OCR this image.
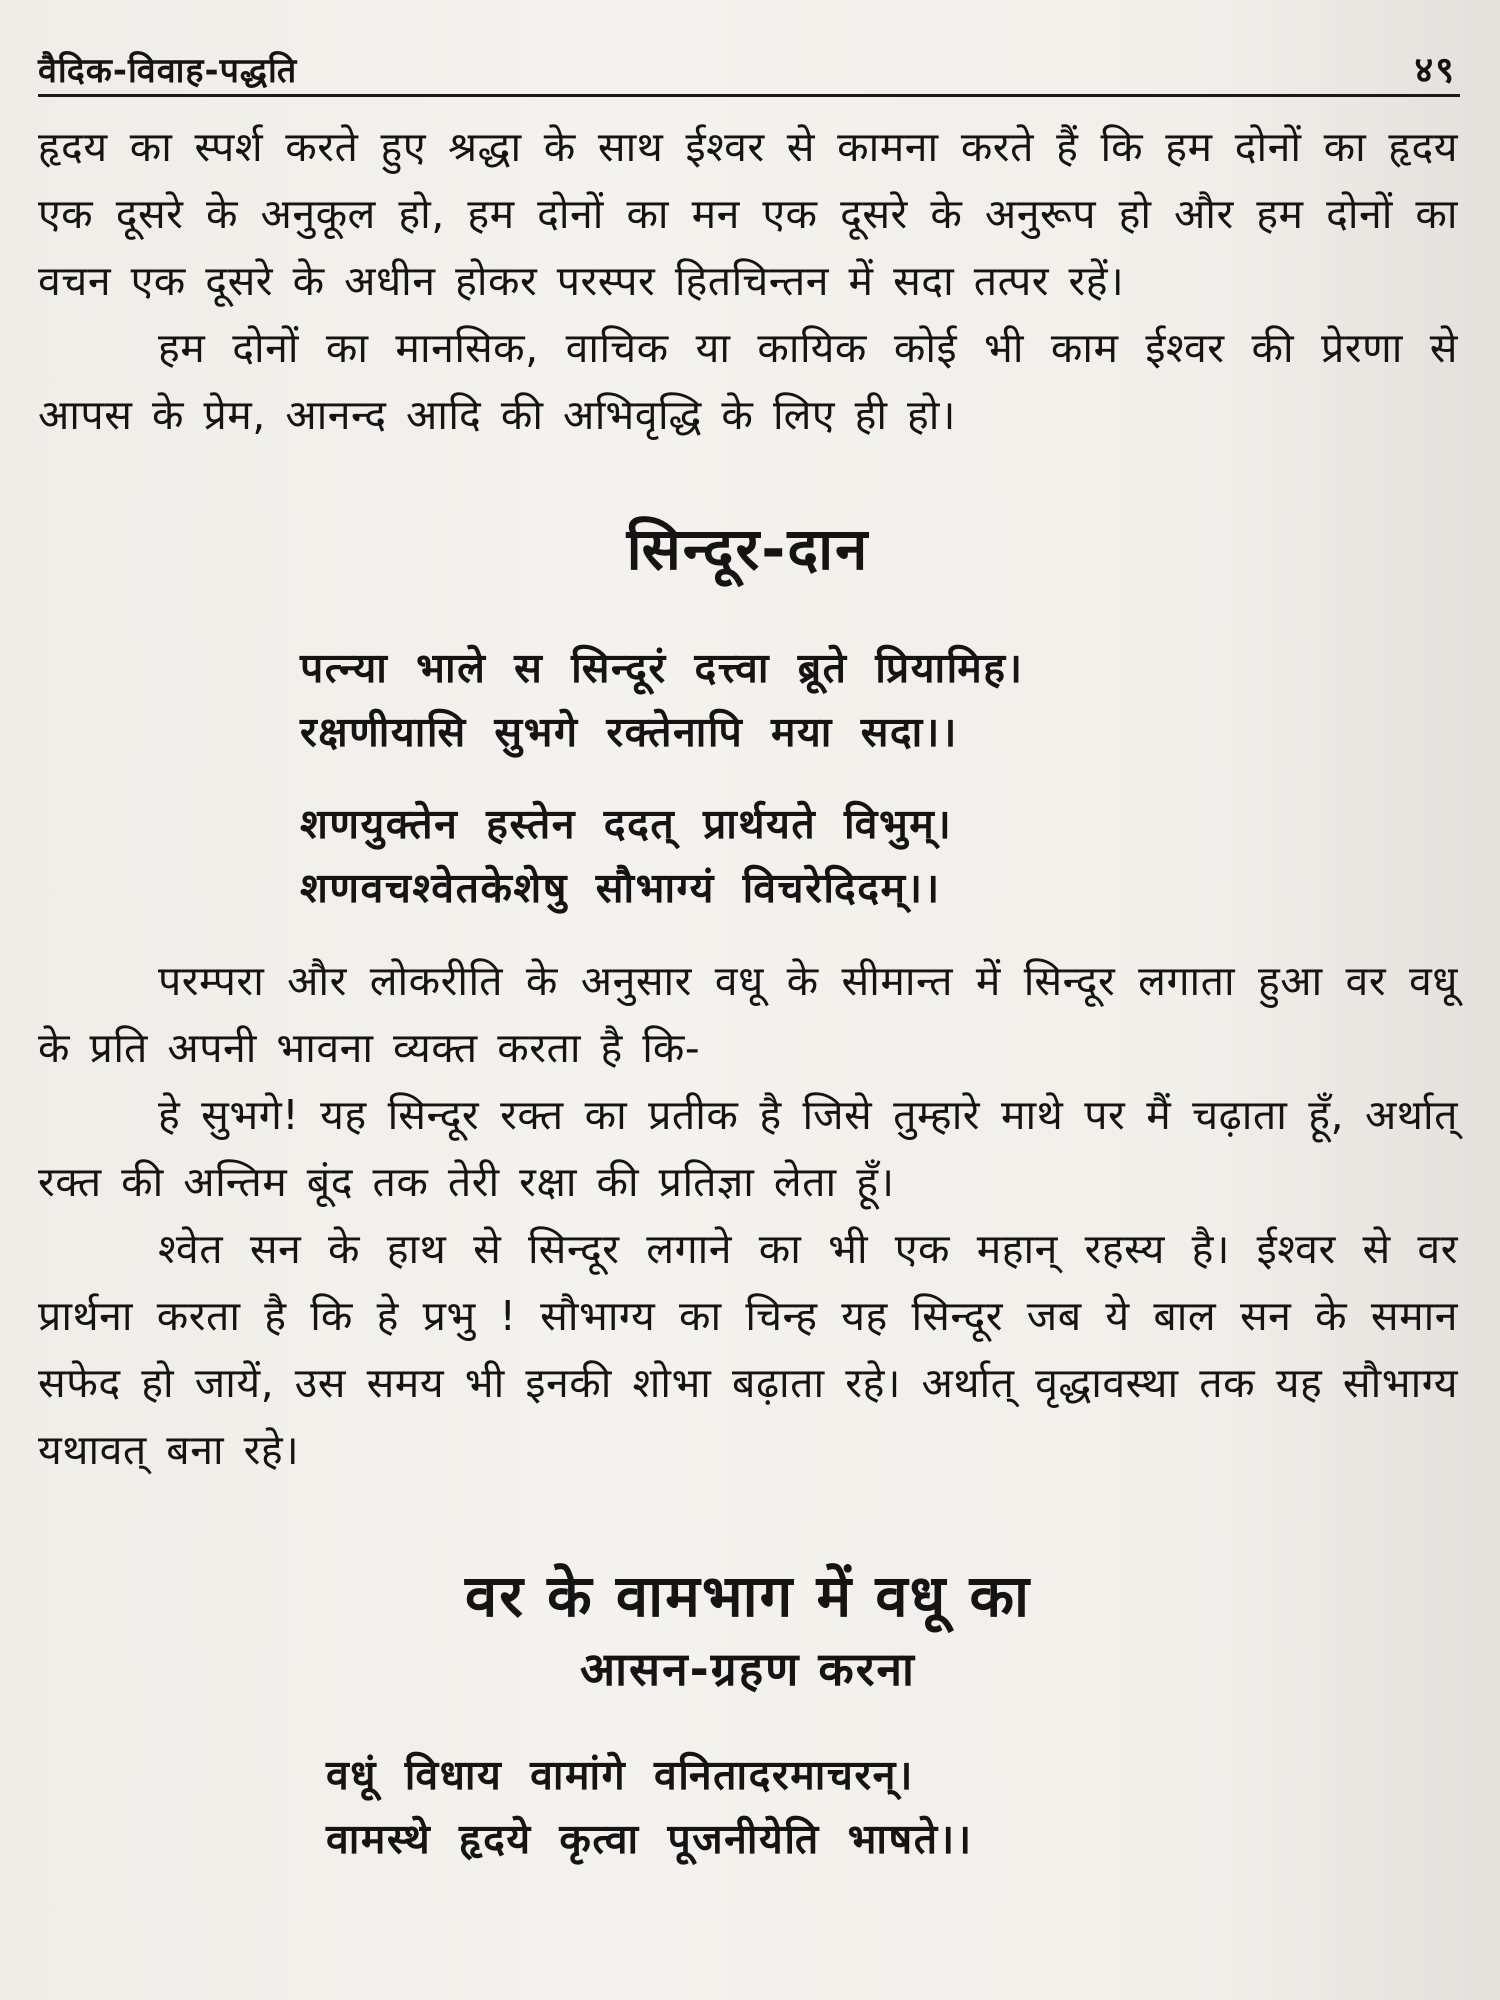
वैदिक-विवाह-पद्धति	४९

हृदय का स्पर्श करते हुए श्रद्धा के साथ ईश्वर से कामना करते हैं कि हम दोनों का हृदय एक दूसरे के अनुकूल हो, हम दोनों का मन एक दूसरे के अनुरूप हो और हम दोनों का वचन एक दूसरे के अधीन होकर परस्पर हितचिन्तन में सदा तत्पर रहें।

हम दोनों का मानसिक, वाचिक या कायिक कोई भी काम ईश्वर की प्रेरणा से आपस के प्रेम, आनन्द आदि की अभिवृद्धि के लिए ही हो।

सिन्दूर-दान
पत्न्या भाले स सिन्दूरं दत्त्वा ब्रूते प्रियामिह।
रक्षणीयासि सुभगे रक्तेनापि मया सदा।।
शणयुक्तेन हस्तेन ददत् प्रार्थयते विभुम्।
शणवचश्वेतकेशेषु सौभाग्यं विचरेदिदम्।।

परम्परा और लोकरीति के अनुसार वधू के सीमान्त में सिन्दूर लगाता हुआ वर वधू के प्रति अपनी भावना व्यक्त करता है कि-

हे सुभगे! यह सिन्दूर रक्त का प्रतीक है जिसे तुम्हारे माथे पर मैं चढ़ाता हूँ, अर्थात् रक्त की अन्तिम बूंद तक तेरी रक्षा की प्रतिज्ञा लेता हूँ।

श्वेत सन के हाथ से सिन्दूर लगाने का भी एक महान् रहस्य है। ईश्वर से वर प्रार्थना करता है कि हे प्रभु ! सौभाग्य का चिन्ह यह सिन्दूर जब ये बाल सन के समान सफेद हो जायें, उस समय भी इनकी शोभा बढ़ाता रहे। अर्थात् वृद्धावस्था तक यह सौभाग्य यथावत् बना रहे।

वर के वामभाग में वधू का
आसन-ग्रहण करना
वधूं विधाय वामांगे वनितादरमाचरन्।
वामस्थे हृदये कृत्वा पूजनीयेति भाषते।।
